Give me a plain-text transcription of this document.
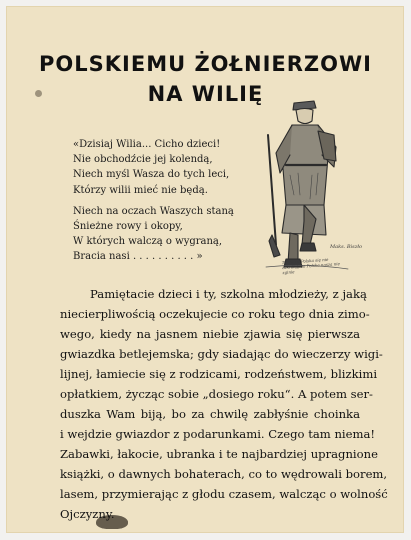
POLSKIEMU ŻOŁNIERZOWI
NA WILIĘ
«Dzisiaj Wilia... Cicho dzieci!
Nie obchodźcie jej kolendą,
Niech myśl Wasza do tych leci,
Którzy wilii mieć nie będą.
Niech na oczach Waszych staną
Śnieżne rowy i okopy,
W których walczą o wygraną,
Bracia nasi . . . . . . . . . . »	Tej, w/co Polska się nie zakrólej, co Polska nasza nie zginie
Maks. Biszło
Pamiętacie dzieci i ty, szkolna młodzieży, z jaką
niecierpliwością oczekujecie co roku tego dnia zimo-
wego, kiedy na jasnem niebie zjawia się pierwsza
gwiazdka betlejemska; gdy siadając do wieczerzy wigi-
lijnej, łamiecie się z rodzicami, rodzeństwem, blizkimi
opłatkiem, życząc sobie „dosiego roku“. A potem ser-
duszka Wam biją, bo za chwilę zabłyśnie choinka
i wejdzie gwiazdor z podarunkami. Czego tam niema!
Zabawki, łakocie, ubranka i te najbardziej upragnione
książki, o dawnych bohaterach, co to wędrowali borem,
lasem, przymierając z głodu czasem, walcząc o wolność
Ojczyzny.
